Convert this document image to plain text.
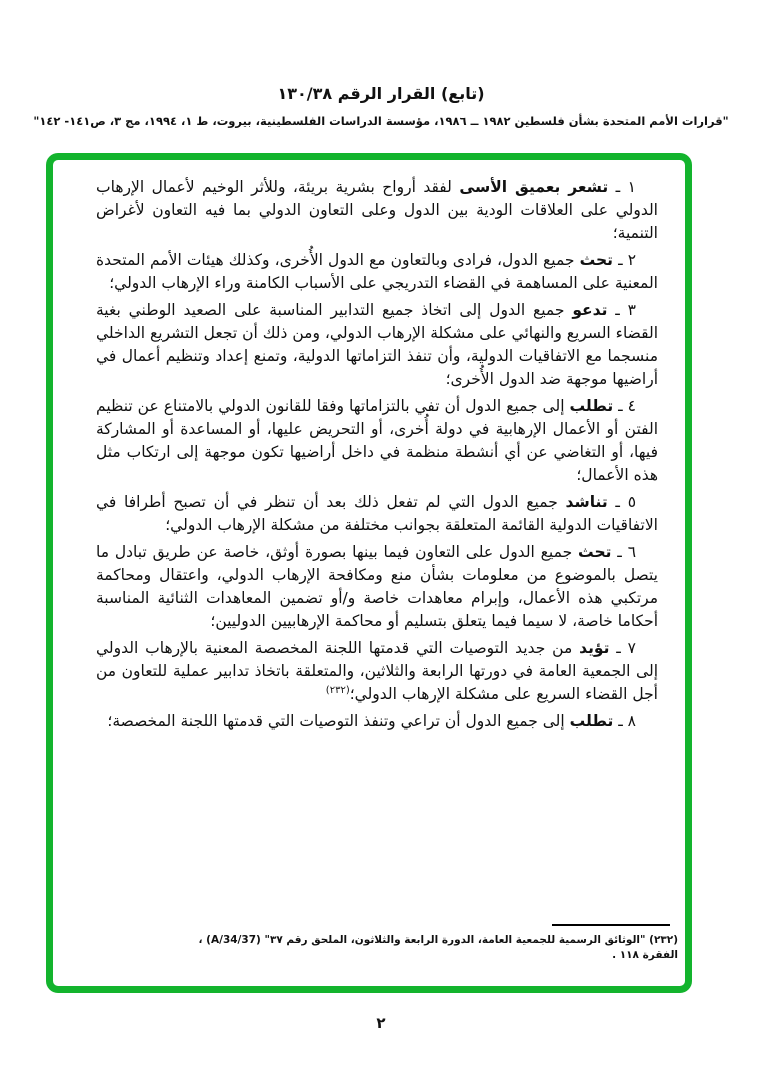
(تابع) القرار الرقم ١٣٠/٣٨
"قرارات الأمم المتحدة بشأن فلسطين ١٩٨٢ ــ ١٩٨٦، مؤسسة الدراسات الفلسطينية، بيروت، ط ١، ١٩٩٤، مج ٣، ص١٤١- ١٤٢"

١ ـ تشعر بعميق الأسى لفقد أرواح بشرية بريئة، وللأثر الوخيم لأعمال الإرهاب الدولي على العلاقات الودية بين الدول وعلى التعاون الدولي بما فيه التعاون لأغراض التنمية؛

٢ ـ تحث جميع الدول، فرادى وبالتعاون مع الدول الأُخرى، وكذلك هيئات الأمم المتحدة المعنية على المساهمة في القضاء التدريجي على الأسباب الكامنة وراء الإرهاب الدولي؛

٣ ـ تدعو جميع الدول إلى اتخاذ جميع التدابير المناسبة على الصعيد الوطني بغية القضاء السريع والنهائي على مشكلة الإرهاب الدولي، ومن ذلك أن تجعل التشريع الداخلي منسجما مع الاتفاقيات الدولية، وأن تنفذ التزاماتها الدولية، وتمنع إعداد وتنظيم أعمال في أراضيها موجهة ضد الدول الأُخرى؛

٤ ـ تطلب إلى جميع الدول أن تفي بالتزاماتها وفقا للقانون الدولي بالامتناع عن تنظيم الفتن أو الأعمال الإرهابية في دولة أُخرى، أو التحريض عليها، أو المساعدة أو المشاركة فيها، أو التغاضي عن أي أنشطة منظمة في داخل أراضيها تكون موجهة إلى ارتكاب مثل هذه الأعمال؛

٥ ـ تناشد جميع الدول التي لم تفعل ذلك بعد أن تنظر في أن تصبح أطرافا في الاتفاقيات الدولية القائمة المتعلقة بجوانب مختلفة من مشكلة الإرهاب الدولي؛

٦ ـ تحث جميع الدول على التعاون فيما بينها بصورة أوثق، خاصة عن طريق تبادل ما يتصل بالموضوع من معلومات بشأن منع ومكافحة الإرهاب الدولي، واعتقال ومحاكمة مرتكبي هذه الأعمال، وإبرام معاهدات خاصة و/أو تضمين المعاهدات الثنائية المناسبة أحكاما خاصة، لا سيما فيما يتعلق بتسليم أو محاكمة الإرهابيين الدوليين؛

٧ ـ تؤيد من جديد التوصيات التي قدمتها اللجنة المخصصة المعنية بالإرهاب الدولي إلى الجمعية العامة في دورتها الرابعة والثلاثين، والمتعلقة باتخاذ تدابير عملية للتعاون من أجل القضاء السريع على مشكلة الإرهاب الدولي؛$^{(٢٣٢)}$

٨ ـ تطلب إلى جميع الدول أن تراعي وتنفذ التوصيات التي قدمتها اللجنة المخصصة؛

(٢٣٢) "الوثائق الرسمية للجمعية العامة، الدورة الرابعة والثلاثون، الملحق رقم ٣٧" (A/34/37) ، الفقرة ١١٨ .
٢
